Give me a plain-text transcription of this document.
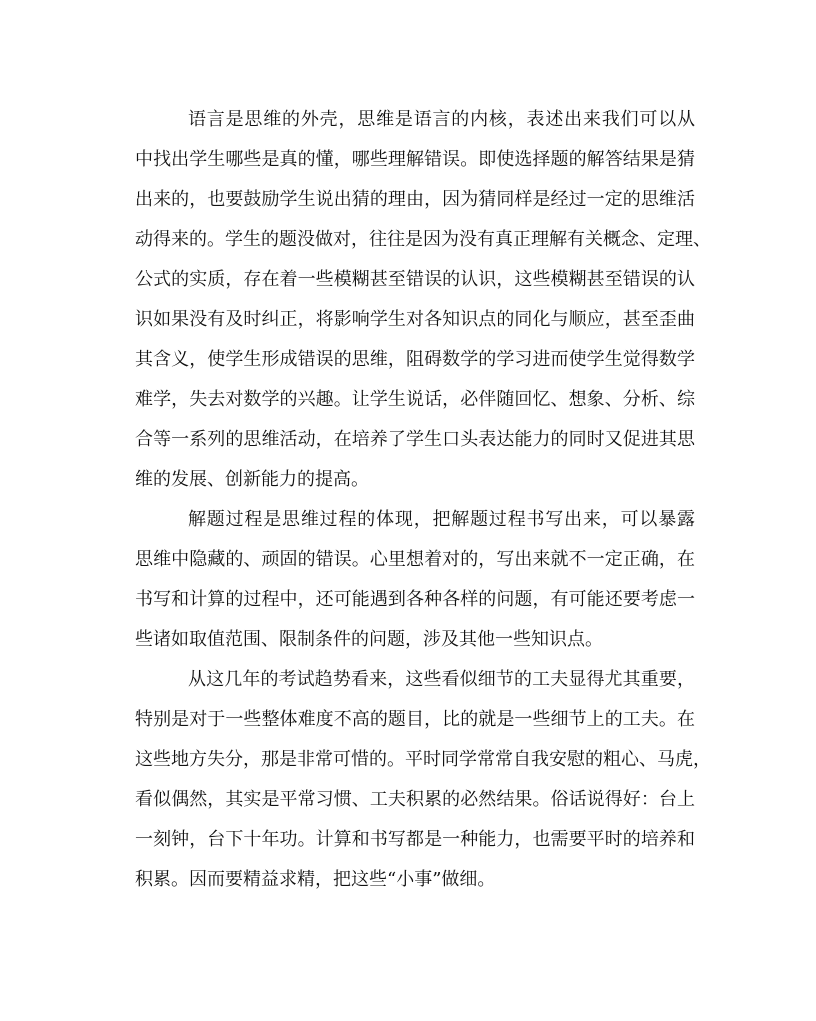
语言是思维的外壳，思维是语言的内核，表述出来我们可以从
中找出学生哪些是真的懂，哪些理解错误。即使选择题的解答结果是猜
出来的，也要鼓励学生说出猜的理由，因为猜同样是经过一定的思维活
动得来的。学生的题没做对，往往是因为没有真正理解有关概念、定理、
公式的实质，存在着一些模糊甚至错误的认识，这些模糊甚至错误的认
识如果没有及时纠正，将影响学生对各知识点的同化与顺应，甚至歪曲
其含义，使学生形成错误的思维，阻碍数学的学习进而使学生觉得数学
难学，失去对数学的兴趣。让学生说话，必伴随回忆、想象、分析、综
合等一系列的思维活动，在培养了学生口头表达能力的同时又促进其思
维的发展、创新能力的提高。
解题过程是思维过程的体现，把解题过程书写出来，可以暴露
思维中隐藏的、顽固的错误。心里想着对的，写出来就不一定正确，在
书写和计算的过程中，还可能遇到各种各样的问题，有可能还要考虑一
些诸如取值范围、限制条件的问题，涉及其他一些知识点。
从这几年的考试趋势看来，这些看似细节的工夫显得尤其重要，
特别是对于一些整体难度不高的题目，比的就是一些细节上的工夫。在
这些地方失分，那是非常可惜的。平时同学常常自我安慰的粗心、马虎，
看似偶然，其实是平常习惯、工夫积累的必然结果。俗话说得好：台上
一刻钟，台下十年功。计算和书写都是一种能力，也需要平时的培养和
积累。因而要精益求精，把这些“小事”做细。
